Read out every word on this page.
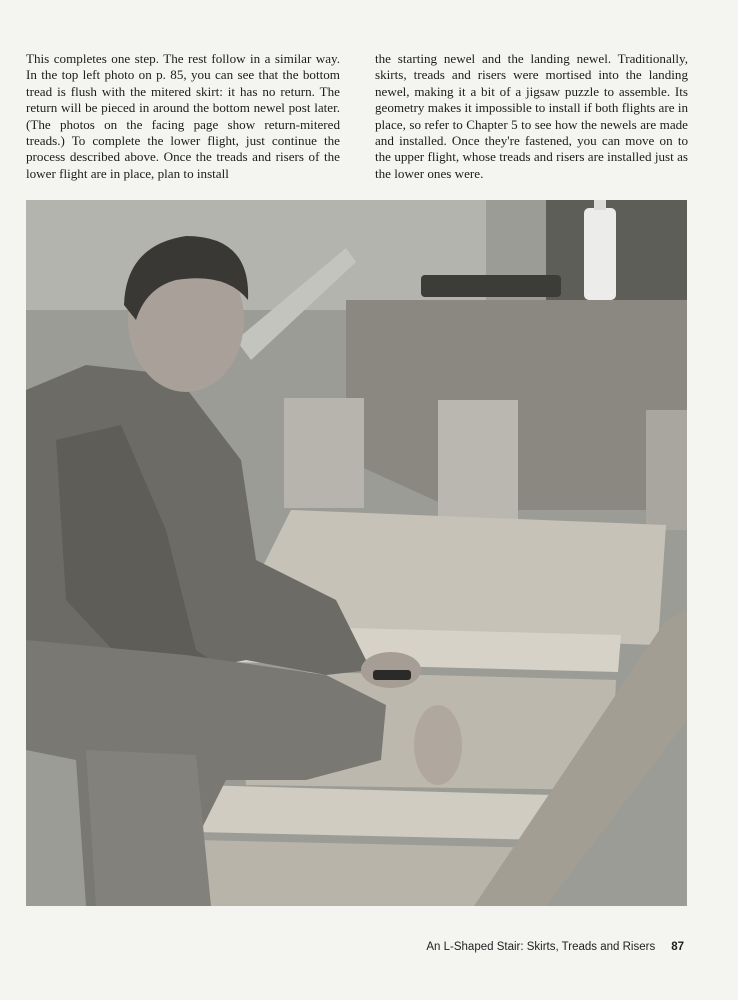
This completes one step. The rest follow in a similar way. In the top left photo on p. 85, you can see that the bottom tread is flush with the mitered skirt: it has no return. The return will be pieced in around the bottom newel post later. (The photos on the facing page show return-mitered treads.) To complete the lower flight, just continue the process described above. Once the treads and risers of the lower flight are in place, plan to install

the starting newel and the landing newel. Traditionally, skirts, treads and risers were mortised into the landing newel, making it a bit of a jigsaw puzzle to assemble. Its geometry makes it impossible to install if both flights are in place, so refer to Chapter 5 to see how the newels are made and installed. Once they're fastened, you can move on to the upper flight, whose treads and risers are installed just as the lower ones were.

An L-Shaped Stair: Skirts, Treads and Risers 87
